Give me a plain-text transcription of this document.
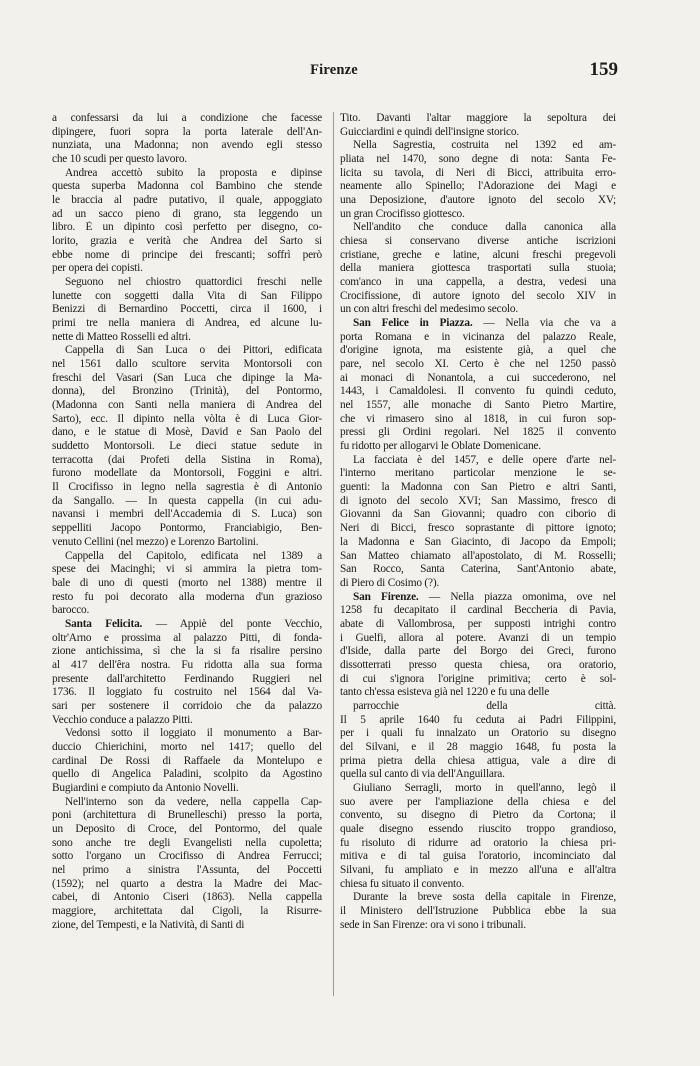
Firenze	159
a confessarsi da lui a condizione che facesse
dipingere, fuori sopra la porta laterale dell'An-
nunziata, una Madonna; non avendo egli stesso
che 10 scudi per questo lavoro.
Andrea accettò subito la proposta e dipinse
questa superba Madonna col Bambino che stende
le braccia al padre putativo, il quale, appoggiato
ad un sacco pieno di grano, sta leggendo un
libro. È un dipinto così perfetto per disegno, co-
lorito, grazia e verità che Andrea del Sarto si
ebbe nome di principe dei frescanti; soffrì però
per opera dei copisti.
Seguono nel chiostro quattordici freschi nelle
lunette con soggetti dalla Vita di San Filippo
Benizzi di Bernardino Poccetti, circa il 1600, i
primi tre nella maniera di Andrea, ed alcune lu-
nette di Matteo Rosselli ed altri.
Cappella di San Luca o dei Pittori, edificata
nel 1561 dallo scultore servita Montorsoli con
freschi del Vasari (San Luca che dipinge la Ma-
donna), del Bronzino (Trinità), del Pontormo,
(Madonna con Santi nella maniera di Andrea del
Sarto), ecc. Il dipinto nella vòlta è di Luca Gior-
dano, e le statue di Mosè, David e San Paolo del
suddetto Montorsoli. Le dieci statue sedute in
terracotta (dai Profeti della Sistina in Roma),
furono modellate da Montorsoli, Foggini e altri.
Il Crocifisso in legno nella sagrestia è di Antonio
da Sangallo. — In questa cappella (in cui adu-
navansi i membri dell'Accademia di S. Luca) son
seppelliti Jacopo Pontormo, Franciabigio, Ben-
venuto Cellini (nel mezzo) e Lorenzo Bartolini.
Cappella del Capitolo, edificata nel 1389 a
spese dei Macinghi; vi si ammira la pietra tom-
bale di uno di questi (morto nel 1388) mentre il
resto fu poi decorato alla moderna d'un grazioso
barocco.
Santa Felicita. — Appiè del ponte Vecchio,
oltr'Arno e prossima al palazzo Pitti, di fonda-
zione antichissima, sì che la si fa risalire persino
al 417 dell'êra nostra. Fu ridotta alla sua forma
presente dall'architetto Ferdinando Ruggieri nel
1736. Il loggiato fu costruito nel 1564 dal Va-
sari per sostenere il corridoio che da palazzo
Vecchio conduce a palazzo Pitti.
Vedonsi sotto il loggiato il monumento a Bar-
duccio Chierichini, morto nel 1417; quello del
cardinal De Rossi di Raffaele da Montelupo e
quello di Angelica Paladini, scolpito da Agostino
Bugiardini e compiuto da Antonio Novelli.
Nell'interno son da vedere, nella cappella Cap-
poni (architettura di Brunelleschi) presso la porta,
un Deposito di Croce, del Pontormo, del quale
sono anche tre degli Evangelisti nella cupoletta;
sotto l'organo un Crocifisso di Andrea Ferrucci;
nel primo a sinistra l'Assunta, del Poccetti
(1592); nel quarto a destra la Madre dei Mac-
cabei, di Antonio Ciseri (1863). Nella cappella
maggiore, architettata dal Cigoli, la Risurre-
zione, del Tempesti, e la Natività, di Santi di
Tito. Davanti l'altar maggiore la sepoltura dei
Guicciardini e quindi dell'insigne storico.
Nella Sagrestia, costruita nel 1392 ed am-
pliata nel 1470, sono degne di nota: Santa Fe-
licita su tavola, di Neri di Bicci, attribuita erro-
neamente allo Spinello; l'Adorazione dei Magi e
una Deposizione, d'autore ignoto del secolo XV;
un gran Crocifisso giottesco.
Nell'andito che conduce dalla canonica alla
chiesa si conservano diverse antiche iscrizioni
cristiane, greche e latine, alcuni freschi pregevoli
della maniera giottesca trasportati sulla stuoia;
com'anco in una cappella, a destra, vedesi una
Crocifissione, di autore ignoto del secolo XIV in
un con altri freschi del medesimo secolo.
San Felice in Piazza. — Nella via che va a
porta Romana e in vicinanza del palazzo Reale,
d'origine ignota, ma esistente già, a quel che
pare, nel secolo XI. Certo è che nel 1250 passò
ai monaci di Nonantola, a cui succederono, nel
1443, i Camaldolesi. Il convento fu quindi ceduto,
nel 1557, alle monache di Santo Pietro Martire,
che vi rimasero sino al 1818, in cui furon sop-
pressi gli Ordini regolari. Nel 1825 il convento
fu ridotto per allogarvi le Oblate Domenicane.
La facciata è del 1457, e delle opere d'arte nel-
l'interno meritano particolar menzione le se-
guenti: la Madonna con San Pietro e altri Santi,
di ignoto del secolo XVI; San Massimo, fresco di
Giovanni da San Giovanni; quadro con ciborio di
Neri di Bicci, fresco soprastante di pittore ignoto;
la Madonna e San Giacinto, di Jacopo da Empoli;
San Matteo chiamato all'apostolato, di M. Rosselli;
San Rocco, Santa Caterina, Sant'Antonio abate,
di Piero di Cosimo (?).
San Firenze. — Nella piazza omonima, ove nel
1258 fu decapitato il cardinal Beccheria di Pavia,
abate di Vallombrosa, per supposti intrighi contro
i Guelfi, allora al potere. Avanzi di un tempio
d'Iside, dalla parte del Borgo dei Greci, furono
dissotterrati presso questa chiesa, ora oratorio,
di cui s'ignora l'origine primitiva; certo è sol-
tanto ch'essa esisteva già nel 1220 e fu una delle
parrocchie della città.
Il 5 aprile 1640 fu ceduta ai Padri Filippini,
per i quali fu innalzato un Oratorio su disegno
del Silvani, e il 28 maggio 1648, fu posta la
prima pietra della chiesa attigua, vale a dire di
quella sul canto di via dell'Anguillara.
Giuliano Serragli, morto in quell'anno, legò il
suo avere per l'ampliazione della chiesa e del
convento, su disegno di Pietro da Cortona; il
quale disegno essendo riuscito troppo grandioso,
fu risoluto di ridurre ad oratorio la chiesa pri-
mitiva e di tal guisa l'oratorio, incominciato dal
Silvani, fu ampliato e in mezzo all'una e all'altra
chiesa fu situato il convento.
Durante la breve sosta della capitale in Firenze,
il Ministero dell'Istruzione Pubblica ebbe la sua
sede in San Firenze: ora vi sono i tribunali.
